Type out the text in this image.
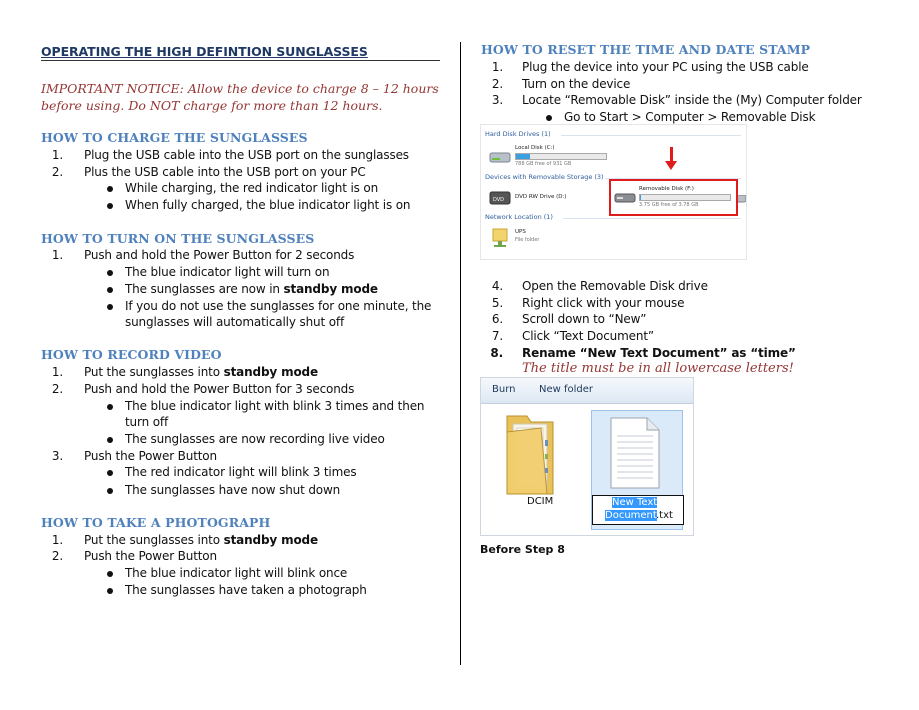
OPERATING THE HIGH DEFINTION SUNGLASSES
IMPORTANT NOTICE: Allow the device to charge 8 – 12 hours before using. Do NOT charge for more than 12 hours.
HOW TO CHARGE THE SUNGLASSES
1. Plug the USB cable into the USB port on the sunglasses
2. Plus the USB cable into the USB port on your PC
While charging, the red indicator light is on
When fully charged, the blue indicator light is on
HOW TO TURN ON THE SUNGLASSES
1. Push and hold the Power Button for 2 seconds
The blue indicator light will turn on
The sunglasses are now in standby mode
If you do not use the sunglasses for one minute, the
sunglasses will automatically shut off
HOW TO RECORD VIDEO
1. Put the sunglasses into standby mode
2. Push and hold the Power Button for 3 seconds
The blue indicator light with blink 3 times and then
turn off
The sunglasses are now recording live video
3. Push the Power Button
The red indicator light will blink 3 times
The sunglasses have now shut down
HOW TO TAKE A PHOTOGRAPH
1. Put the sunglasses into standby mode
2. Push the Power Button
The blue indicator light will blink once
The sunglasses have taken a photograph
HOW TO RESET THE TIME AND DATE STAMP
1. Plug the device into your PC using the USB cable
2. Turn on the device
3. Locate “Removable Disk” inside the (My) Computer folder
Go to Start > Computer > Removable Disk
Hard Disk Drives (1)
Local Disk (C:)
788 GB free of 931 GB
Devices with Removable Storage (3)
DVD DVD RW Drive (D:)
Removable Disk (F:)
3.75 GB free of 3.78 GB
Network Location (1)
UPS
File folder
4. Open the Removable Disk drive
5. Right click with your mouse
6. Scroll down to “New”
7. Click “Text Document”
8. Rename “New Text Document” as “time”
The title must be in all lowercase letters!
Burn New folder
DCIM	New Text
Document .txt
Before Step 8
